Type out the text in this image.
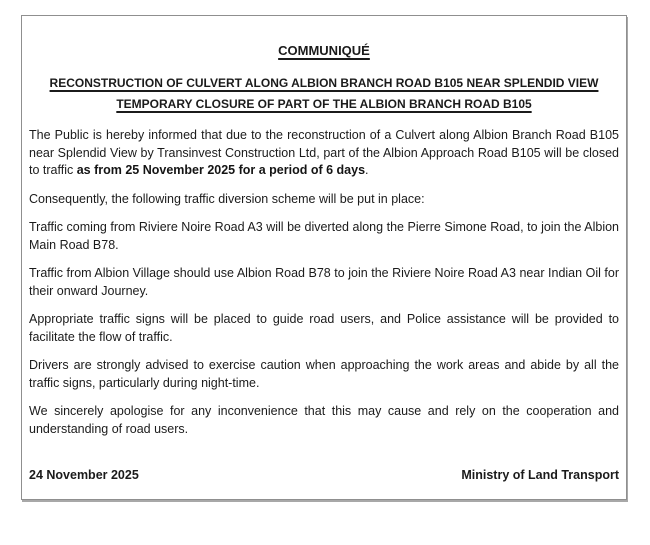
COMMUNIQUÉ
RECONSTRUCTION OF CULVERT ALONG ALBION BRANCH ROAD B105 NEAR SPLENDID VIEW
TEMPORARY CLOSURE OF PART OF THE ALBION BRANCH ROAD B105

The Public is hereby informed that due to the reconstruction of a Culvert along Albion Branch Road B105 near Splendid View by Transinvest Construction Ltd, part of the Albion Approach Road B105 will be closed to traffic as from 25 November 2025 for a period of 6 days.

Consequently, the following traffic diversion scheme will be put in place:

Traffic coming from Riviere Noire Road A3 will be diverted along the Pierre Simone Road, to join the Albion Main Road B78.

Traffic from Albion Village should use Albion Road B78 to join the Riviere Noire Road A3 near Indian Oil for their onward Journey.

Appropriate traffic signs will be placed to guide road users, and Police assistance will be provided to facilitate the flow of traffic.

Drivers are strongly advised to exercise caution when approaching the work areas and abide by all the traffic signs, particularly during night-time.

We sincerely apologise for any inconvenience that this may cause and rely on the cooperation and understanding of road users.

24 November 2025	Ministry of Land Transport
